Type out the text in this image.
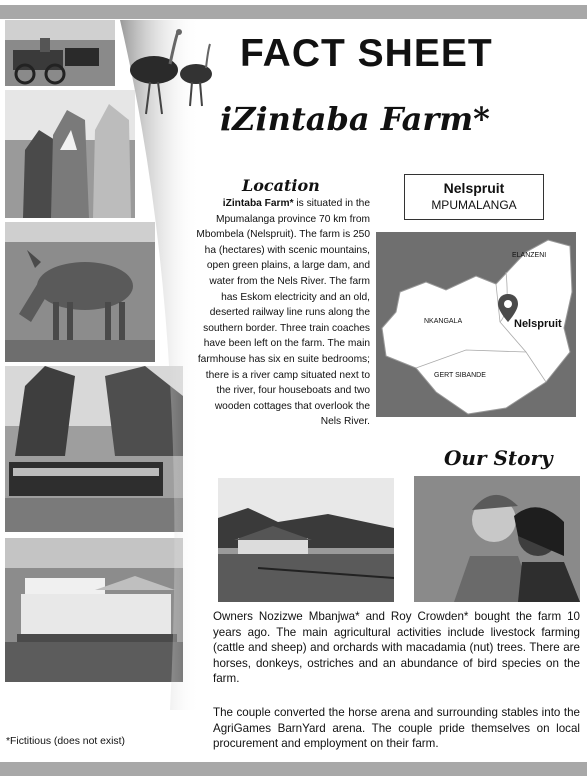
FACT SHEET
iZintaba Farm*
Location
iZintaba Farm* is situated in the Mpumalanga province 70 km from Mbombela (Nelspruit). The farm is 250 ha (hectares) with scenic mountains, open green plains, a large dam, and water from the Nels River. The farm has Eskom electricity and an old, deserted railway line runs along the southern border. Three train coaches have been left on the farm. The main farmhouse has six en suite bedrooms; there is a river camp situated next to the river, four houseboats and two wooden cottages that overlook the Nels River.
Nelspruit
MPUMALANGA
ELANZENI
NKANGALA
GERT SIBANDE
Nelspruit
Our Story
Owners Nozizwe Mbanjwa* and Roy Crowden* bought the farm 10 years ago. The main agricultural activities include livestock farming (cattle and sheep) and orchards with macadamia (nut) trees. There are horses, donkeys, ostriches and an abundance of bird species on the farm.
The couple converted the horse arena and surrounding stables into the AgriGames BarnYard arena. The couple pride themselves on local procurement and employment on their farm.
*Fictitious (does not exist)
